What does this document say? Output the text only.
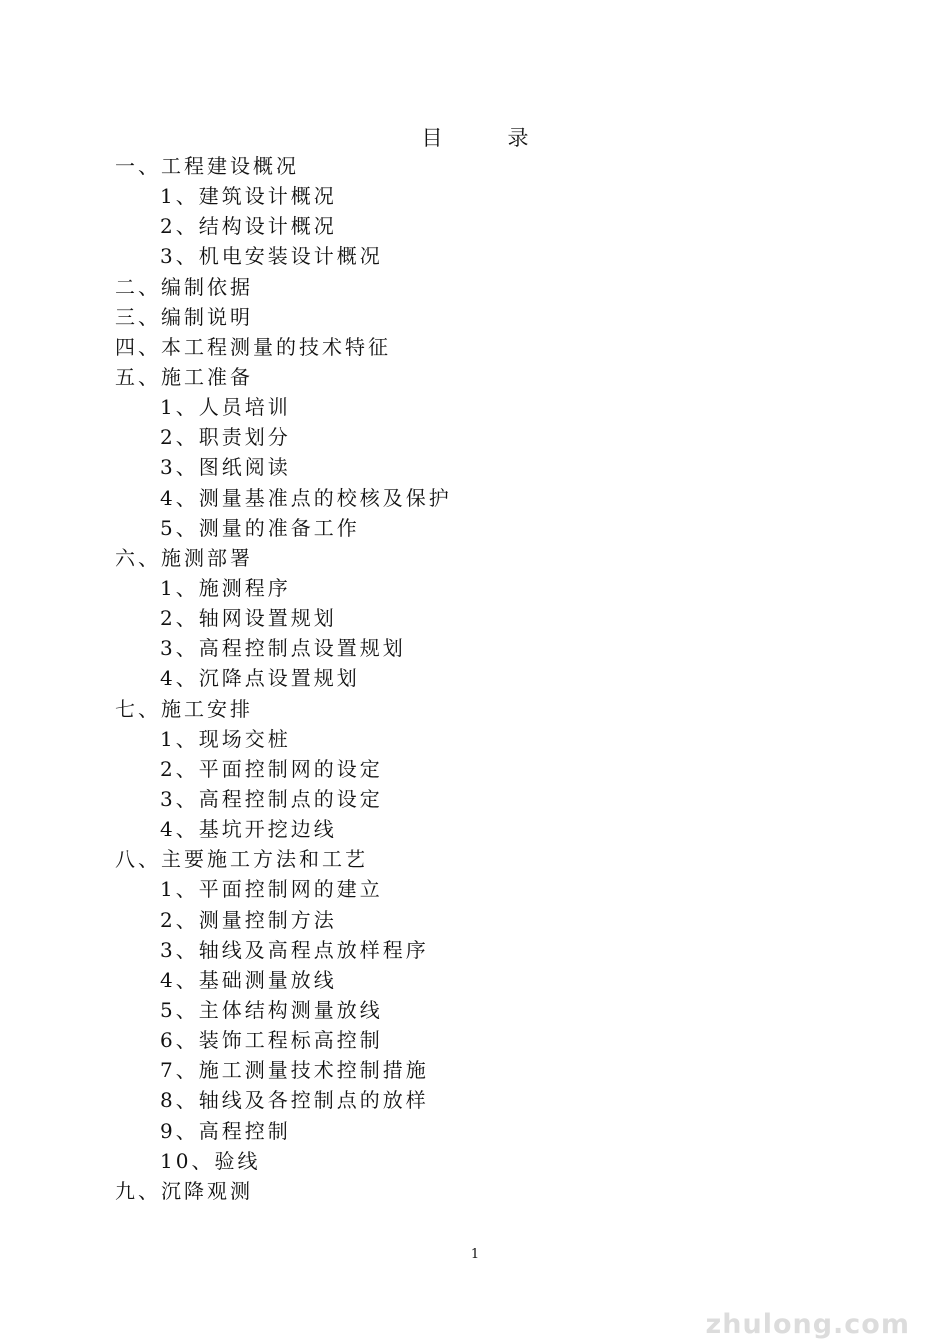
目　录
一、工程建设概况
1、建筑设计概况
2、结构设计概况
3、机电安装设计概况
二、编制依据
三、编制说明
四、本工程测量的技术特征
五、施工准备
1、人员培训
2、职责划分
3、图纸阅读
4、测量基准点的校核及保护
5、测量的准备工作
六、施测部署
1、施测程序
2、轴网设置规划
3、高程控制点设置规划
4、沉降点设置规划
七、施工安排
1、现场交桩
2、平面控制网的设定
3、高程控制点的设定
4、基坑开挖边线
八、主要施工方法和工艺
1、平面控制网的建立
2、测量控制方法
3、轴线及高程点放样程序
4、基础测量放线
5、主体结构测量放线
6、装饰工程标高控制
7、施工测量技术控制措施
8、轴线及各控制点的放样
9、高程控制
10、验线
九、沉降观测
1
zhulong.com
